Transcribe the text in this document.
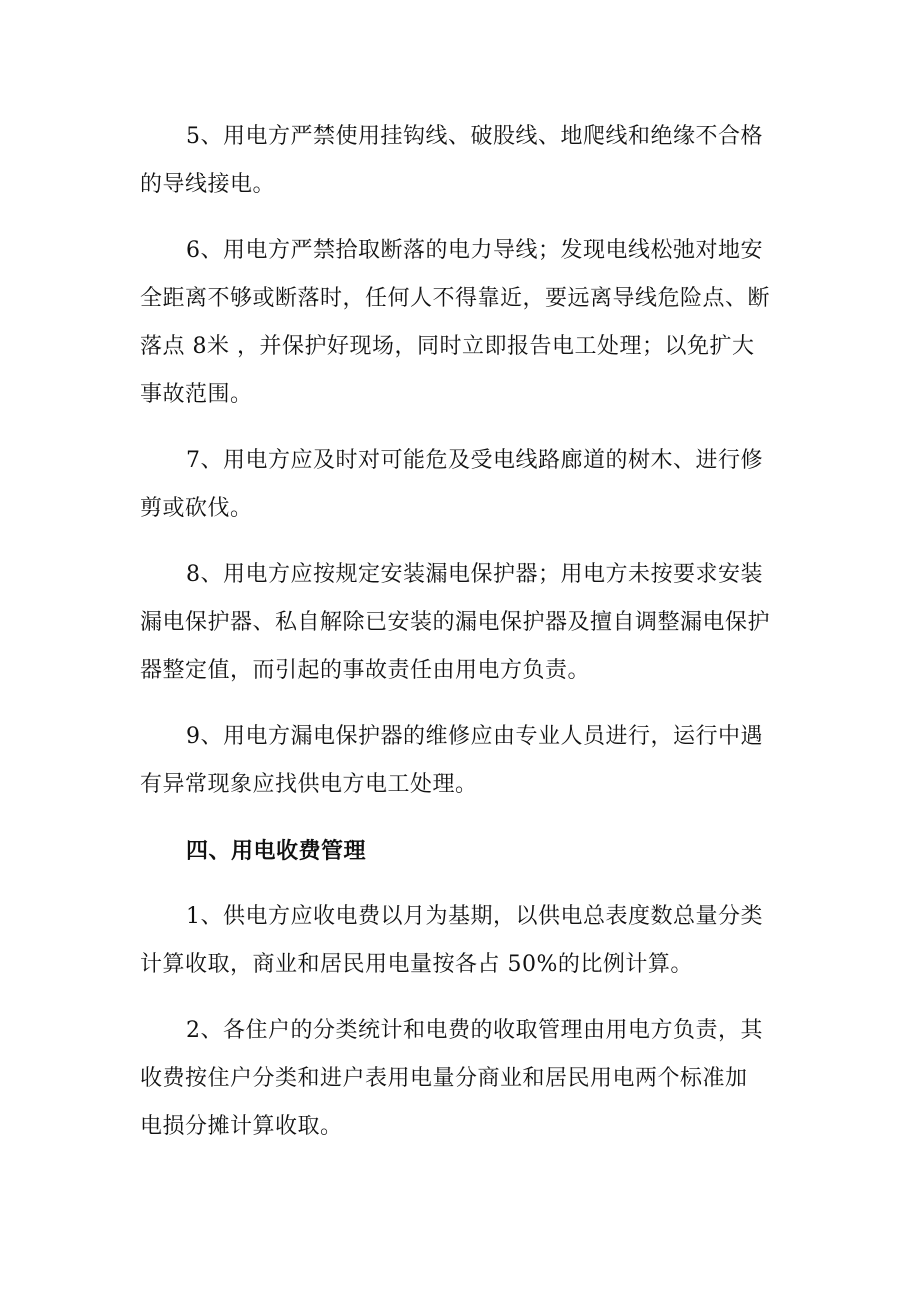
5、用电方严禁使用挂钩线、破股线、地爬线和绝缘不合格
的导线接电。
6、用电方严禁拾取断落的电力导线；发现电线松弛对地安
全距离不够或断落时，任何人不得靠近，要远离导线危险点、断
落点 8米 ，并保护好现场，同时立即报告电工处理；以免扩大
事故范围。
7、用电方应及时对可能危及受电线路廊道的树木、进行修
剪或砍伐。
8、用电方应按规定安装漏电保护器；用电方未按要求安装
漏电保护器、私自解除已安装的漏电保护器及擅自调整漏电保护
器整定值，而引起的事故责任由用电方负责。
9、用电方漏电保护器的维修应由专业人员进行，运行中遇
有异常现象应找供电方电工处理。
四、用电收费管理
1、供电方应收电费以月为基期，以供电总表度数总量分类
计算收取，商业和居民用电量按各占 50%的比例计算。
2、各住户的分类统计和电费的收取管理由用电方负责，其
收费按住户分类和进户表用电量分商业和居民用电两个标准加
电损分摊计算收取。
